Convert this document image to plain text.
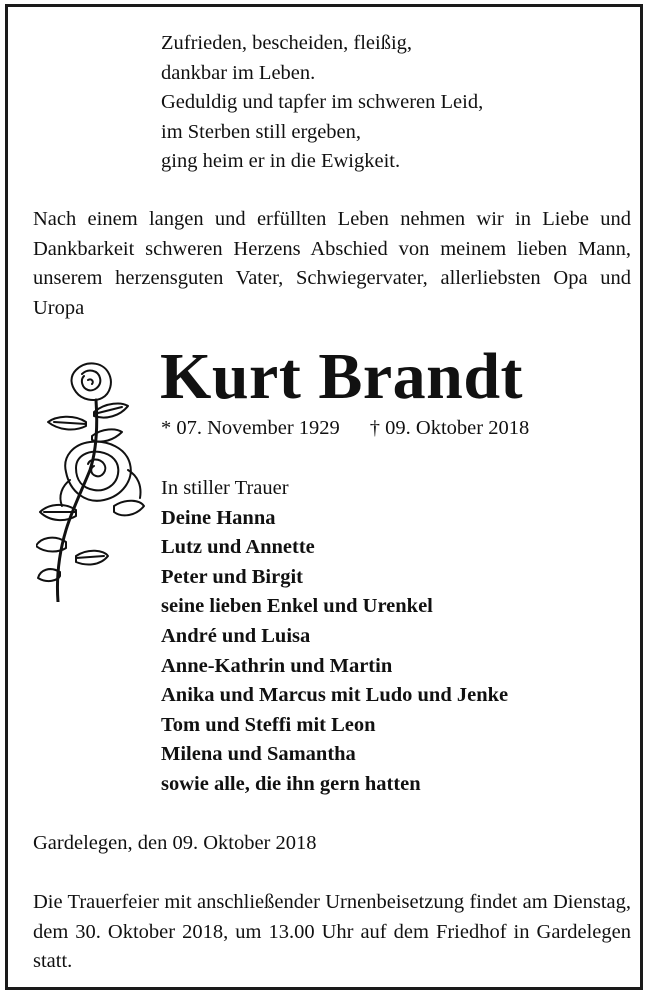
Zufrieden, bescheiden, fleißig,
dankbar im Leben.
Geduldig und tapfer im schweren Leid,
im Sterben still ergeben,
ging heim er in die Ewigkeit.
Nach einem langen und erfüllten Leben nehmen wir in Liebe und Dankbarkeit schweren Herzens Abschied von meinem lieben Mann, unserem herzensguten Vater, Schwiegervater, allerliebsten Opa und Uropa
Kurt Brandt
* 07. November 1929 † 09. Oktober 2018
In stiller Trauer
Deine Hanna
Lutz und Annette
Peter und Birgit
seine lieben Enkel und Urenkel
André und Luisa
Anne-Kathrin und Martin
Anika und Marcus mit Ludo und Jenke
Tom und Steffi mit Leon
Milena und Samantha
sowie alle, die ihn gern hatten
Gardelegen, den 09. Oktober 2018
Die Trauerfeier mit anschließender Urnenbeisetzung findet am Dienstag, dem 30. Oktober 2018, um 13.00 Uhr auf dem Friedhof in Gardelegen statt.
